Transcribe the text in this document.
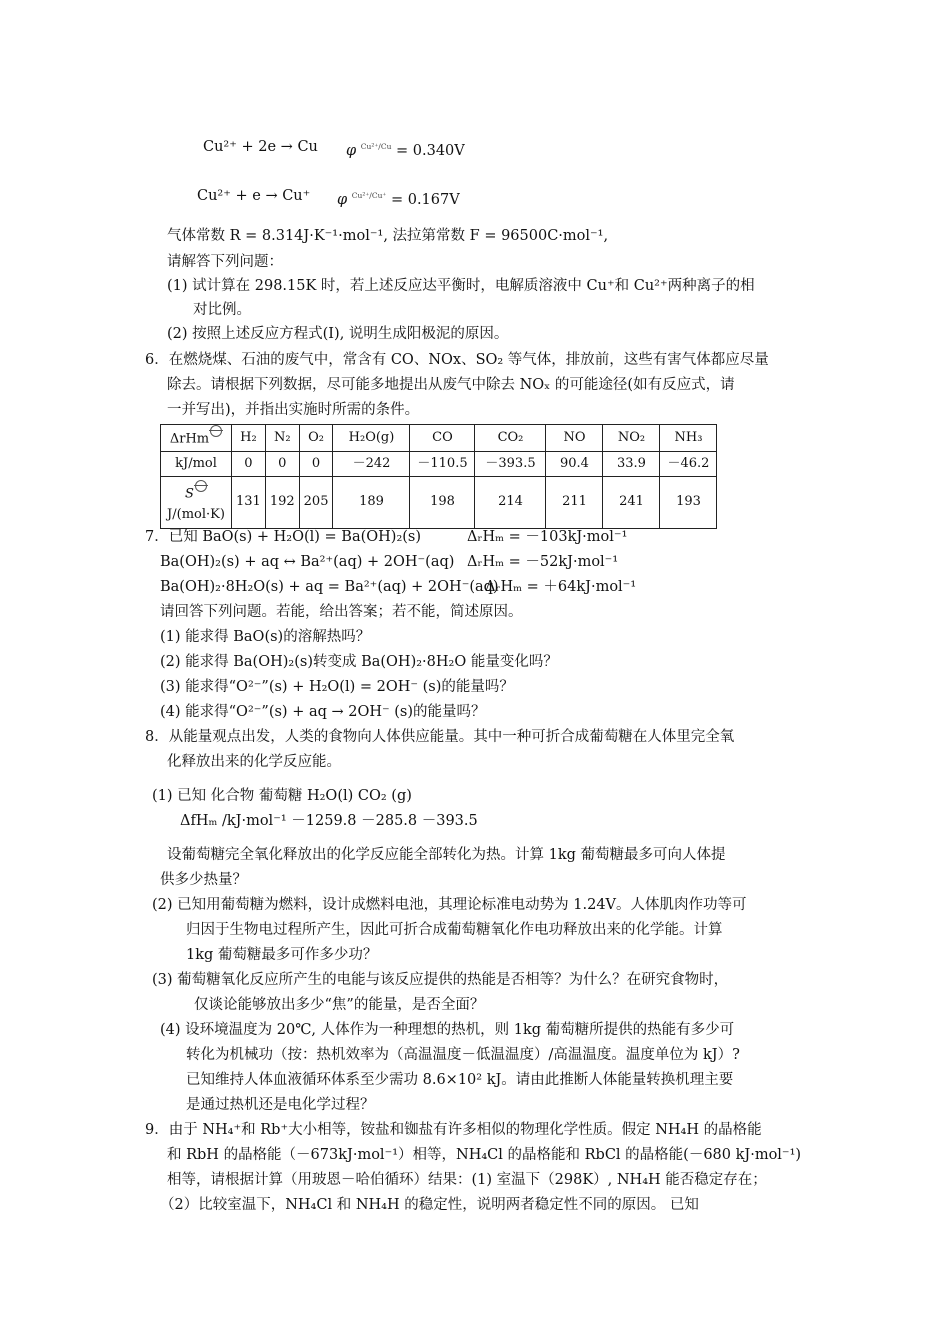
Cu²⁺ + 2e → Cu φ $^{Cu^{2+}/Cu}$ = 0.340V
Cu²⁺ + e → Cu⁺ φ $^{Cu^{2+}/Cu^+}$ = 0.167V
气体常数 R = 8.314J·K⁻¹·mol⁻¹, 法拉第常数 F = 96500C·mol⁻¹,
请解答下列问题：
(1) 试计算在 298.15K 时，若上述反应达平衡时，电解质溶液中 Cu⁺和 Cu²⁺两种离子的相
对比例。
(2) 按照上述反应方程式(I), 说明生成阳极泥的原因。
6．在燃烧煤、石油的废气中，常含有 CO、NOx、SO₂ 等气体，排放前，这些有害气体都应尽量
除去。请根据下列数据，尽可能多地提出从废气中除去 NOₓ 的可能途径(如有反应式，请
一并写出)，并指出实施时所需的条件。
ΔrHm	H₂	N₂	O₂	H₂O(g)	CO	CO₂	NO	NO₂	NH₃
kJ/mol	0	0	0	－242	－110.5	－393.5	90.4	33.9	－46.2
S
J/(mol·K)	131	192	205	189	198	214	211	241	193
7．已知 BaO(s) + H₂O(l) = Ba(OH)₂(s)	ΔᵣHₘ = －103kJ·mol⁻¹
Ba(OH)₂(s) + aq ↔ Ba²⁺(aq) + 2OH⁻(aq) ΔᵣHₘ = －52kJ·mol⁻¹
Ba(OH)₂·8H₂O(s) + aq = Ba²⁺(aq) + 2OH⁻(aq)
ΔᵣHₘ = ＋64kJ·mol⁻¹
请回答下列问题。若能，给出答案；若不能，简述原因。
(1) 能求得 BaO(s)的溶解热吗？
(2) 能求得 Ba(OH)₂(s)转变成 Ba(OH)₂·8H₂O 能量变化吗？
(3) 能求得“O²⁻”(s) + H₂O(l) = 2OH⁻ (s)的能量吗？
(4) 能求得“O²⁻”(s) + aq → 2OH⁻ (s)的能量吗？
8．从能量观点出发，人类的食物向人体供应能量。其中一种可折合成葡萄糖在人体里完全氧
化释放出来的化学反应能。
(1) 已知 化合物 葡萄糖 H₂O(l) CO₂ (g)
ΔfHₘ /kJ·mol⁻¹ －1259.8 －285.8 －393.5
设葡萄糖完全氧化释放出的化学反应能全部转化为热。计算 1kg 葡萄糖最多可向人体提
供多少热量？
(2) 已知用葡萄糖为燃料，设计成燃料电池，其理论标准电动势为 1.24V。人体肌肉作功等可
归因于生物电过程所产生，因此可折合成葡萄糖氧化作电功释放出来的化学能。计算
1kg 葡萄糖最多可作多少功？
(3) 葡萄糖氧化反应所产生的电能与该反应提供的热能是否相等？为什么？在研究食物时，
仅谈论能够放出多少“焦”的能量，是否全面？
(4) 设环境温度为 20℃, 人体作为一种理想的热机，则 1kg 葡萄糖所提供的热能有多少可
转化为机械功（按：热机效率为（高温温度－低温温度）/高温温度。温度单位为 kJ）?
已知维持人体血液循环体系至少需功 8.6×10² kJ。请由此推断人体能量转换机理主要
是通过热机还是电化学过程？
9．由于 NH₄⁺和 Rb⁺大小相等，铵盐和铷盐有许多相似的物理化学性质。假定 NH₄H 的晶格能
和 RbH 的晶格能（－673kJ·mol⁻¹）相等，NH₄Cl 的晶格能和 RbCl 的晶格能(－680 kJ·mol⁻¹)
相等，请根据计算（用玻恩－哈伯循环）结果：(1) 室温下（298K）, NH₄H 能否稳定存在；
（2）比较室温下，NH₄Cl 和 NH₄H 的稳定性，说明两者稳定性不同的原因。 已知
